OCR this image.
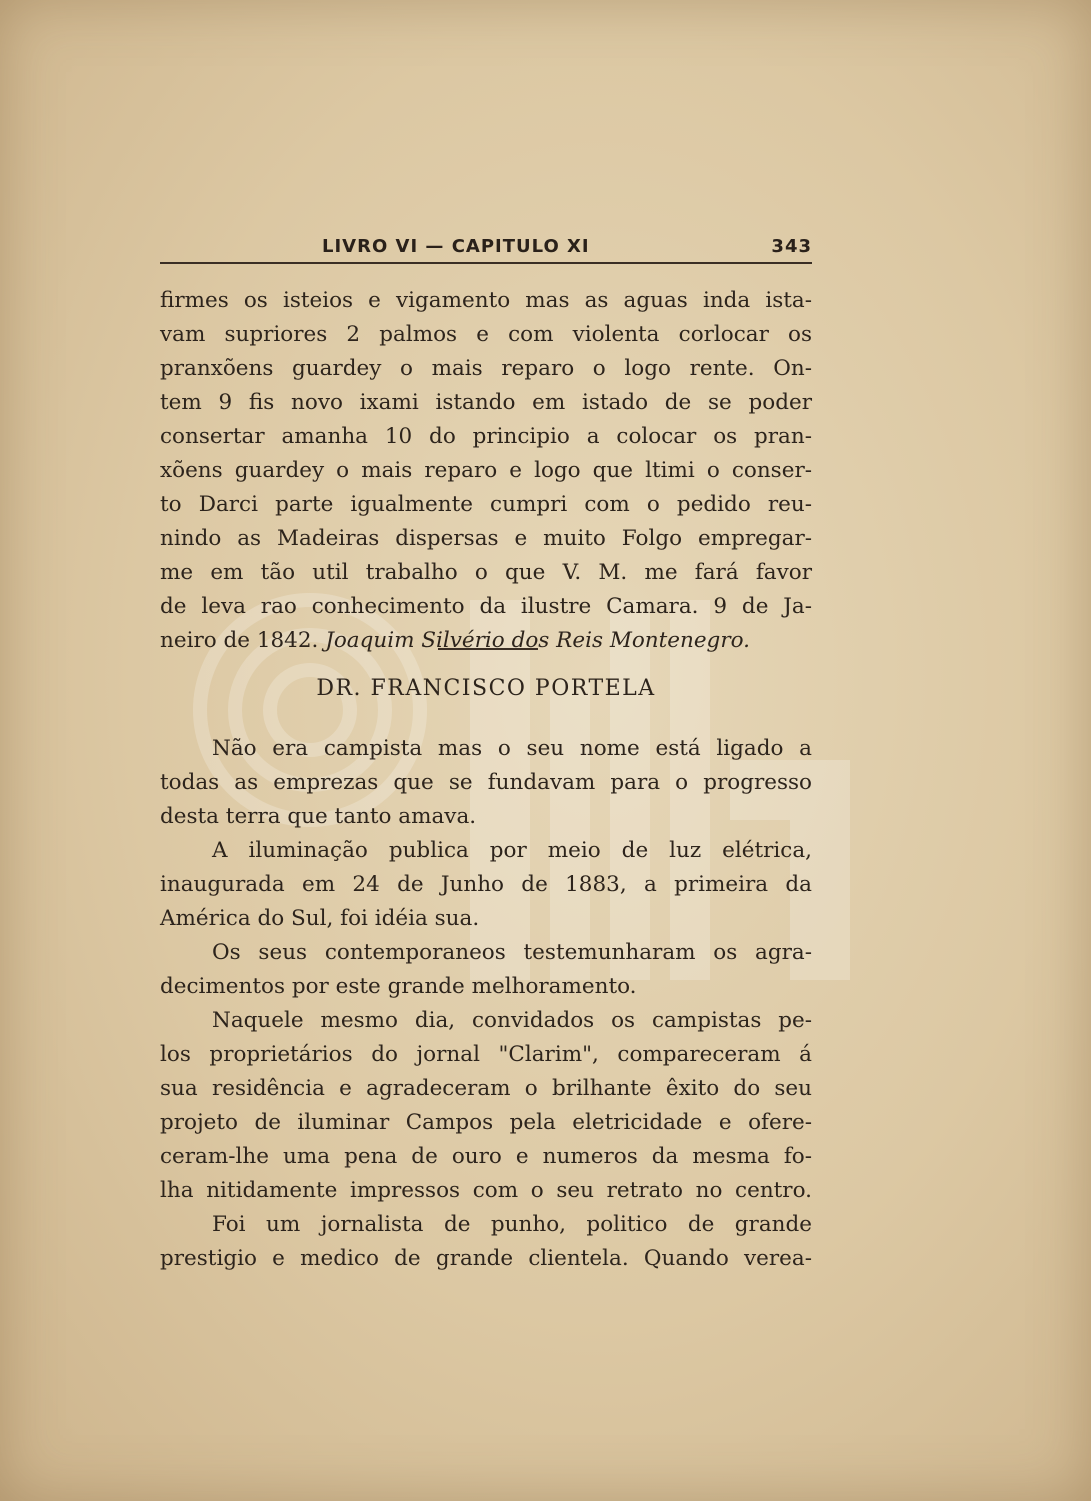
LIVRO VI — CAPITULO XI	343
firmes os isteios e vigamento mas as aguas inda ista-
vam supriores 2 palmos e com violenta corlocar os
pranxõens guardey o mais reparo o logo rente. On-
tem 9 fis novo ixami istando em istado de se poder
consertar amanha 10 do principio a colocar os pran-
xõens guardey o mais reparo e logo que ltimi o conser-
to Darci parte igualmente cumpri com o pedido reu-
nindo as Madeiras dispersas e muito Folgo empregar-
me em tão util trabalho o que V. M. me fará favor
de leva rao conhecimento da ilustre Camara. 9 de Ja-
neiro de 1842. Joaquim Silvério dos Reis Montenegro.
DR. FRANCISCO PORTELA
Não era campista mas o seu nome está ligado a
todas as emprezas que se fundavam para o progresso
desta terra que tanto amava.
A iluminação publica por meio de luz elétrica,
inaugurada em 24 de Junho de 1883, a primeira da
América do Sul, foi idéia sua.
Os seus contemporaneos testemunharam os agra-
decimentos por este grande melhoramento.
Naquele mesmo dia, convidados os campistas pe-
los proprietários do jornal "Clarim", compareceram á
sua residência e agradeceram o brilhante êxito do seu
projeto de iluminar Campos pela eletricidade e ofere-
ceram-lhe uma pena de ouro e numeros da mesma fo-
lha nitidamente impressos com o seu retrato no centro.
Foi um jornalista de punho, politico de grande
prestigio e medico de grande clientela. Quando verea-
